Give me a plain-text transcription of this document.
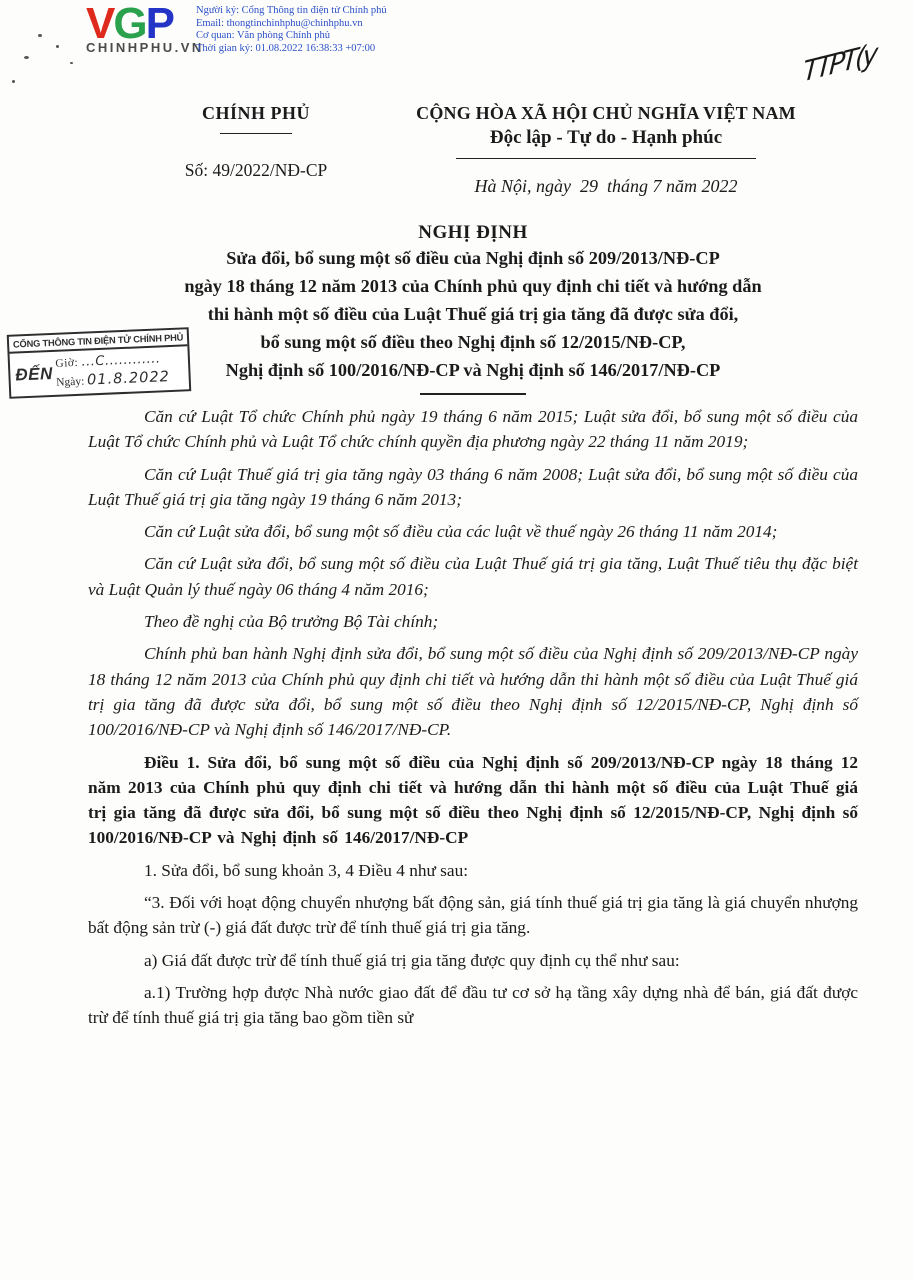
VGP
CHINHPHU.VN
Người ký: Cổng Thông tin điện tử Chính phủ
Email: thongtinchinhphu@chinhphu.vn
Cơ quan: Văn phòng Chính phủ
Thời gian ký: 01.08.2022 16:38:33 +07:00	TTPT(y
CHÍNH PHỦ
Số: 49/2022/NĐ-CP
CỘNG HÒA XÃ HỘI CHỦ NGHĨA VIỆT NAM
Độc lập - Tự do - Hạnh phúc
Hà Nội, ngày  29  tháng 7 năm 2022
CỔNG THÔNG TIN ĐIỆN TỬ CHÍNH PHỦ
ĐẾN
Giờ: ...C............
Ngày: 01.8.2022
NGHỊ ĐỊNH
Sửa đổi, bổ sung một số điều của Nghị định số 209/2013/NĐ-CP
ngày 18 tháng 12 năm 2013 của Chính phủ quy định chi tiết và hướng dẫn
thi hành một số điều của Luật Thuế giá trị gia tăng đã được sửa đổi,
bổ sung một số điều theo Nghị định số 12/2015/NĐ-CP,
Nghị định số 100/2016/NĐ-CP và Nghị định số 146/2017/NĐ-CP

Căn cứ Luật Tổ chức Chính phủ ngày 19 tháng 6 năm 2015; Luật sửa đổi, bổ sung một số điều của Luật Tổ chức Chính phủ và Luật Tổ chức chính quyền địa phương ngày 22 tháng 11 năm 2019;

Căn cứ Luật Thuế giá trị gia tăng ngày 03 tháng 6 năm 2008; Luật sửa đổi, bổ sung một số điều của Luật Thuế giá trị gia tăng ngày 19 tháng 6 năm 2013;

Căn cứ Luật sửa đổi, bổ sung một số điều của các luật về thuế ngày 26 tháng 11 năm 2014;

Căn cứ Luật sửa đổi, bổ sung một số điều của Luật Thuế giá trị gia tăng, Luật Thuế tiêu thụ đặc biệt và Luật Quản lý thuế ngày 06 tháng 4 năm 2016;

Theo đề nghị của Bộ trưởng Bộ Tài chính;

Chính phủ ban hành Nghị định sửa đổi, bổ sung một số điều của Nghị định số 209/2013/NĐ-CP ngày 18 tháng 12 năm 2013 của Chính phủ quy định chi tiết và hướng dẫn thi hành một số điều của Luật Thuế giá trị gia tăng đã được sửa đổi, bổ sung một số điều theo Nghị định số 12/2015/NĐ-CP, Nghị định số 100/2016/NĐ-CP và Nghị định số 146/2017/NĐ-CP.

Điều 1. Sửa đổi, bổ sung một số điều của Nghị định số 209/2013/NĐ-CP ngày 18 tháng 12 năm 2013 của Chính phủ quy định chi tiết và hướng dẫn thi hành một số điều của Luật Thuế giá trị gia tăng đã được sửa đổi, bổ sung một số điều theo Nghị định số 12/2015/NĐ-CP, Nghị định số 100/2016/NĐ-CP và Nghị định số 146/2017/NĐ-CP

1. Sửa đổi, bổ sung khoản 3, 4 Điều 4 như sau:

“3. Đối với hoạt động chuyển nhượng bất động sản, giá tính thuế giá trị gia tăng là giá chuyển nhượng bất động sản trừ (-) giá đất được trừ để tính thuế giá trị gia tăng.

a) Giá đất được trừ để tính thuế giá trị gia tăng được quy định cụ thể như sau:

a.1) Trường hợp được Nhà nước giao đất để đầu tư cơ sở hạ tầng xây dựng nhà để bán, giá đất được trừ để tính thuế giá trị gia tăng bao gồm tiền sử
